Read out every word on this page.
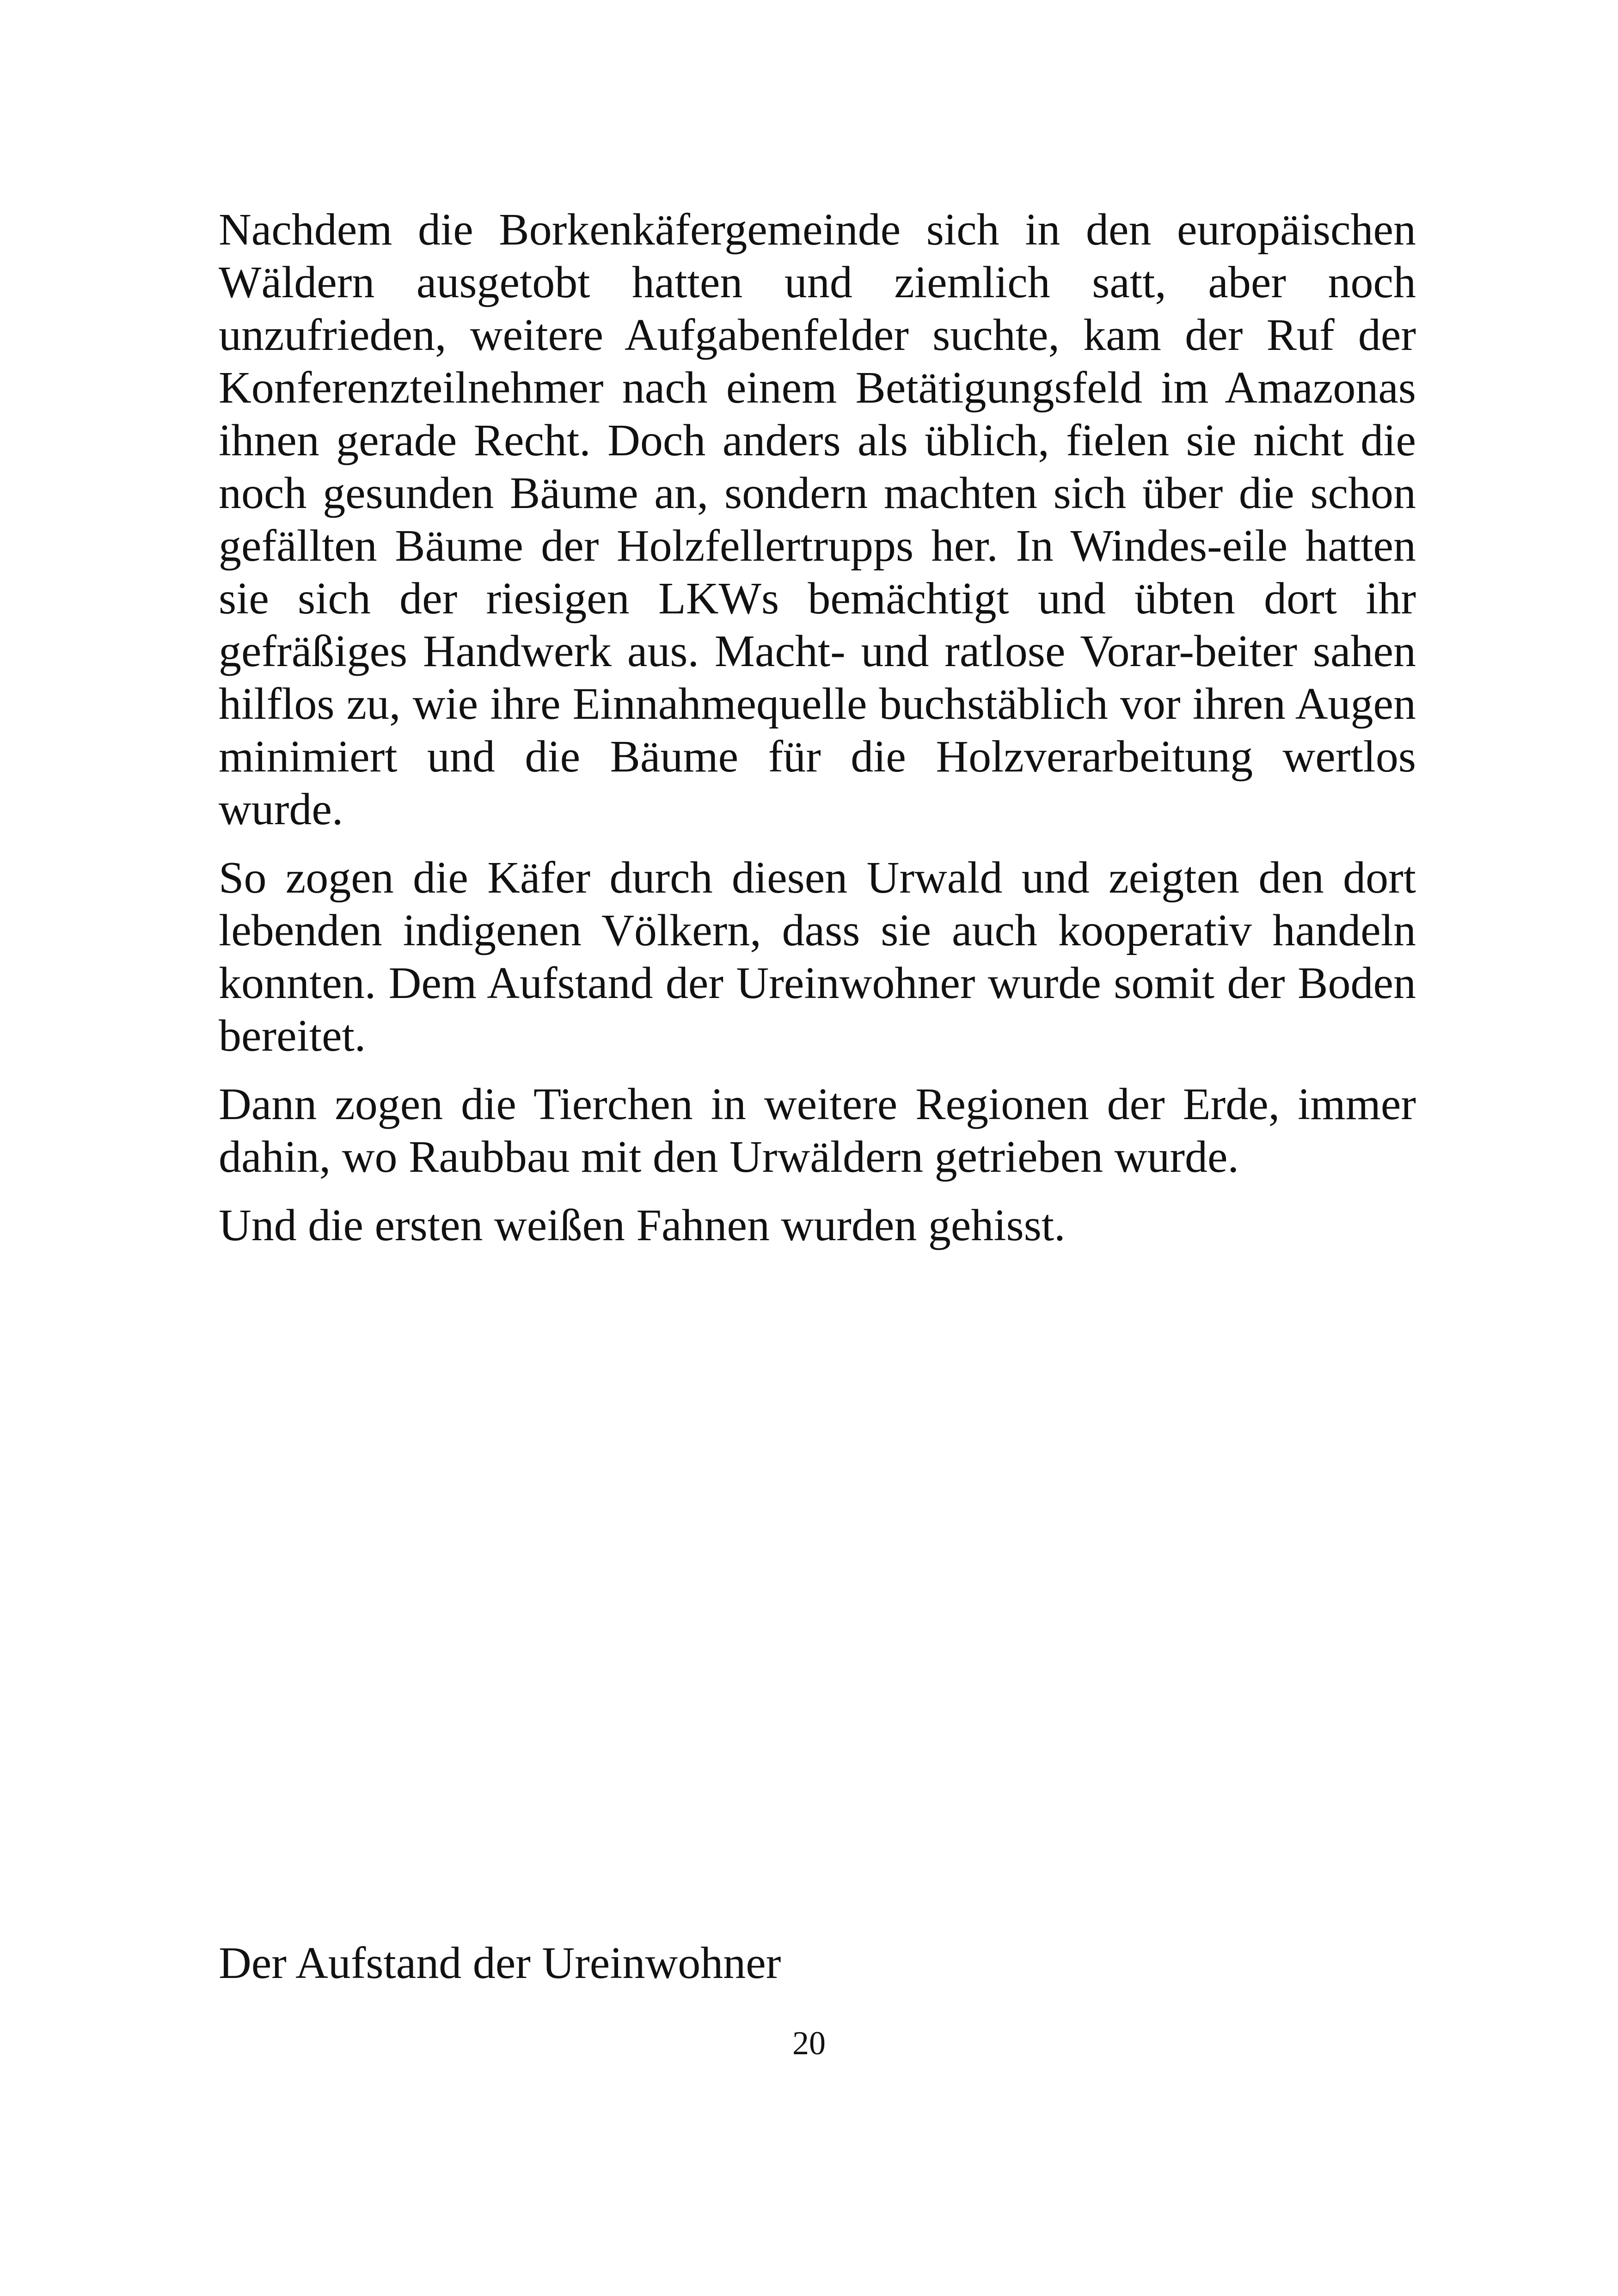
Nachdem die Borkenkäfergemeinde sich in den europäischen Wäldern ausgetobt hatten und ziemlich satt, aber noch unzufrieden, weitere Aufgabenfelder suchte, kam der Ruf der Konferenzteilnehmer nach einem Betätigungsfeld im Amazonas ihnen gerade Recht. Doch anders als üblich, fielen sie nicht die noch gesunden Bäume an, sondern machten sich über die schon gefällten Bäume der Holzfellertrupps her. In Windes-eile hatten sie sich der riesigen LKWs bemächtigt und übten dort ihr gefräßiges Handwerk aus. Macht- und ratlose Vorar-beiter sahen hilflos zu, wie ihre Einnahmequelle buchstäblich vor ihren Augen minimiert und die Bäume für die Holzverarbeitung wertlos wurde.

So zogen die Käfer durch diesen Urwald und zeigten den dort lebenden indigenen Völkern, dass sie auch kooperativ handeln konnten. Dem Aufstand der Ureinwohner wurde somit der Boden bereitet.

Dann zogen die Tierchen in weitere Regionen der Erde, immer dahin, wo Raubbau mit den Urwäldern getrieben wurde.

Und die ersten weißen Fahnen wurden gehisst.

Der Aufstand der Ureinwohner
20
